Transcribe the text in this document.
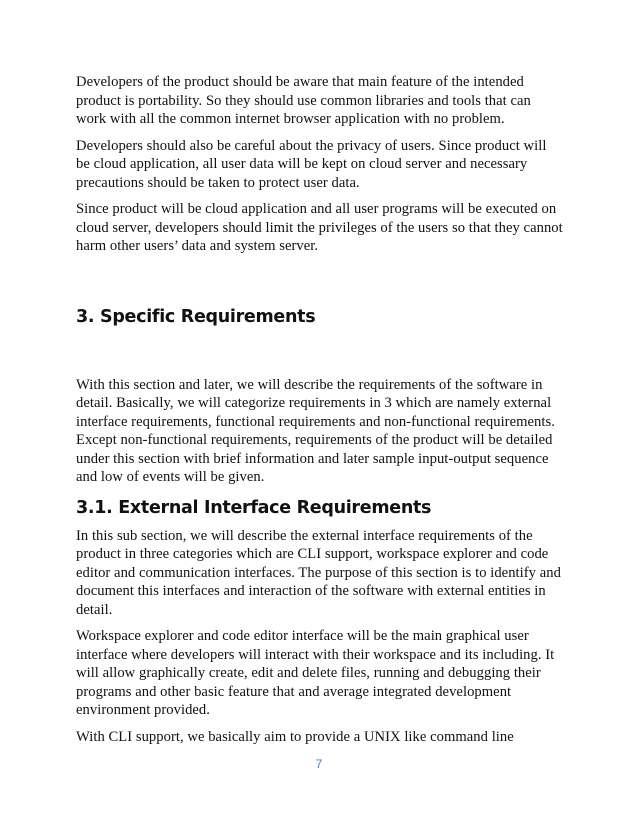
Developers of the product should be aware that main feature of the intended product is portability. So they should use common libraries and tools that can work with all the common internet browser application with no problem.

Developers should also be careful about the privacy of users. Since product will be cloud application, all user data will be kept on cloud server and necessary precautions should be taken to protect user data.

Since product will be cloud application and all user programs will be executed on cloud server, developers should limit the privileges of the users so that they cannot harm other users’ data and system server.

3. Specific Requirements

With this section and later, we will describe the requirements of the software in detail. Basically, we will categorize requirements in 3 which are namely external interface requirements, functional requirements and non-functional requirements. Except non-functional requirements, requirements of the product will be detailed under this section with brief information and later sample input-output sequence and low of events will be given.

3.1. External Interface Requirements

In this sub section, we will describe the external interface requirements of the product in three categories which are CLI support, workspace explorer and code editor and communication interfaces. The purpose of this section is to identify and document this interfaces and interaction of the software with external entities in detail.

Workspace explorer and code editor interface will be the main graphical user interface where developers will interact with their workspace and its including. It will allow graphically create, edit and delete files, running and debugging their programs and other basic feature that and average integrated development environment provided.

With CLI support, we basically aim to provide a UNIX like command line

7
